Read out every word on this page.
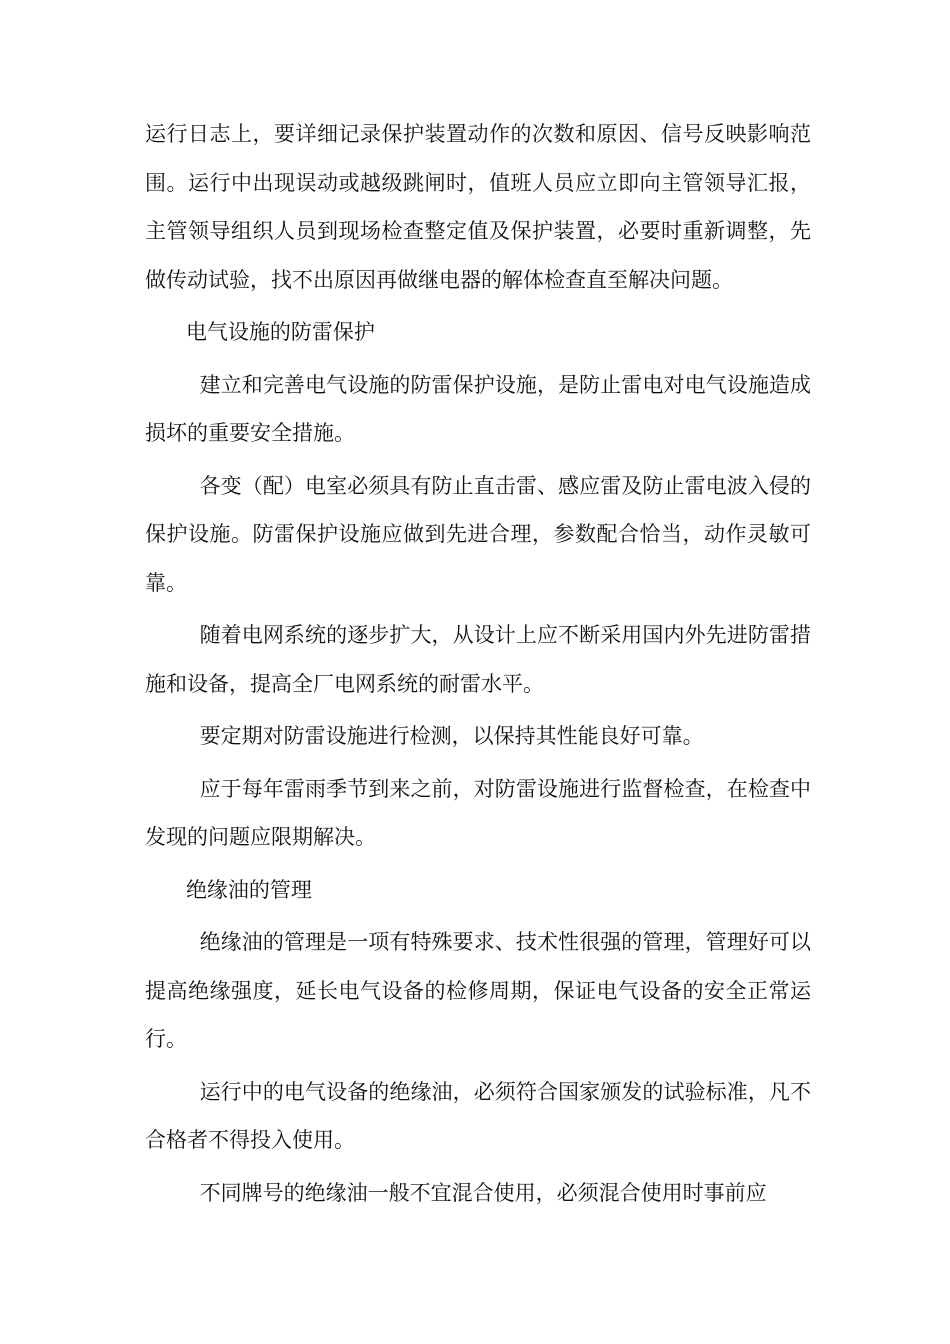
运行日志上，要详细记录保护装置动作的次数和原因、信号反映影响范围。运行中出现误动或越级跳闸时，值班人员应立即向主管领导汇报，主管领导组织人员到现场检查整定值及保护装置，必要时重新调整，先做传动试验，找不出原因再做继电器的解体检查直至解决问题。

电气设施的防雷保护

建立和完善电气设施的防雷保护设施，是防止雷电对电气设施造成损坏的重要安全措施。

各变（配）电室必须具有防止直击雷、感应雷及防止雷电波入侵的保护设施。防雷保护设施应做到先进合理，参数配合恰当，动作灵敏可靠。

随着电网系统的逐步扩大，从设计上应不断采用国内外先进防雷措施和设备，提高全厂电网系统的耐雷水平。

要定期对防雷设施进行检测，以保持其性能良好可靠。

应于每年雷雨季节到来之前，对防雷设施进行监督检查，在检查中发现的问题应限期解决。

绝缘油的管理

绝缘油的管理是一项有特殊要求、技术性很强的管理，管理好可以提高绝缘强度，延长电气设备的检修周期，保证电气设备的安全正常运行。

运行中的电气设备的绝缘油，必须符合国家颁发的试验标准，凡不合格者不得投入使用。

不同牌号的绝缘油一般不宜混合使用，必须混合使用时事前应
